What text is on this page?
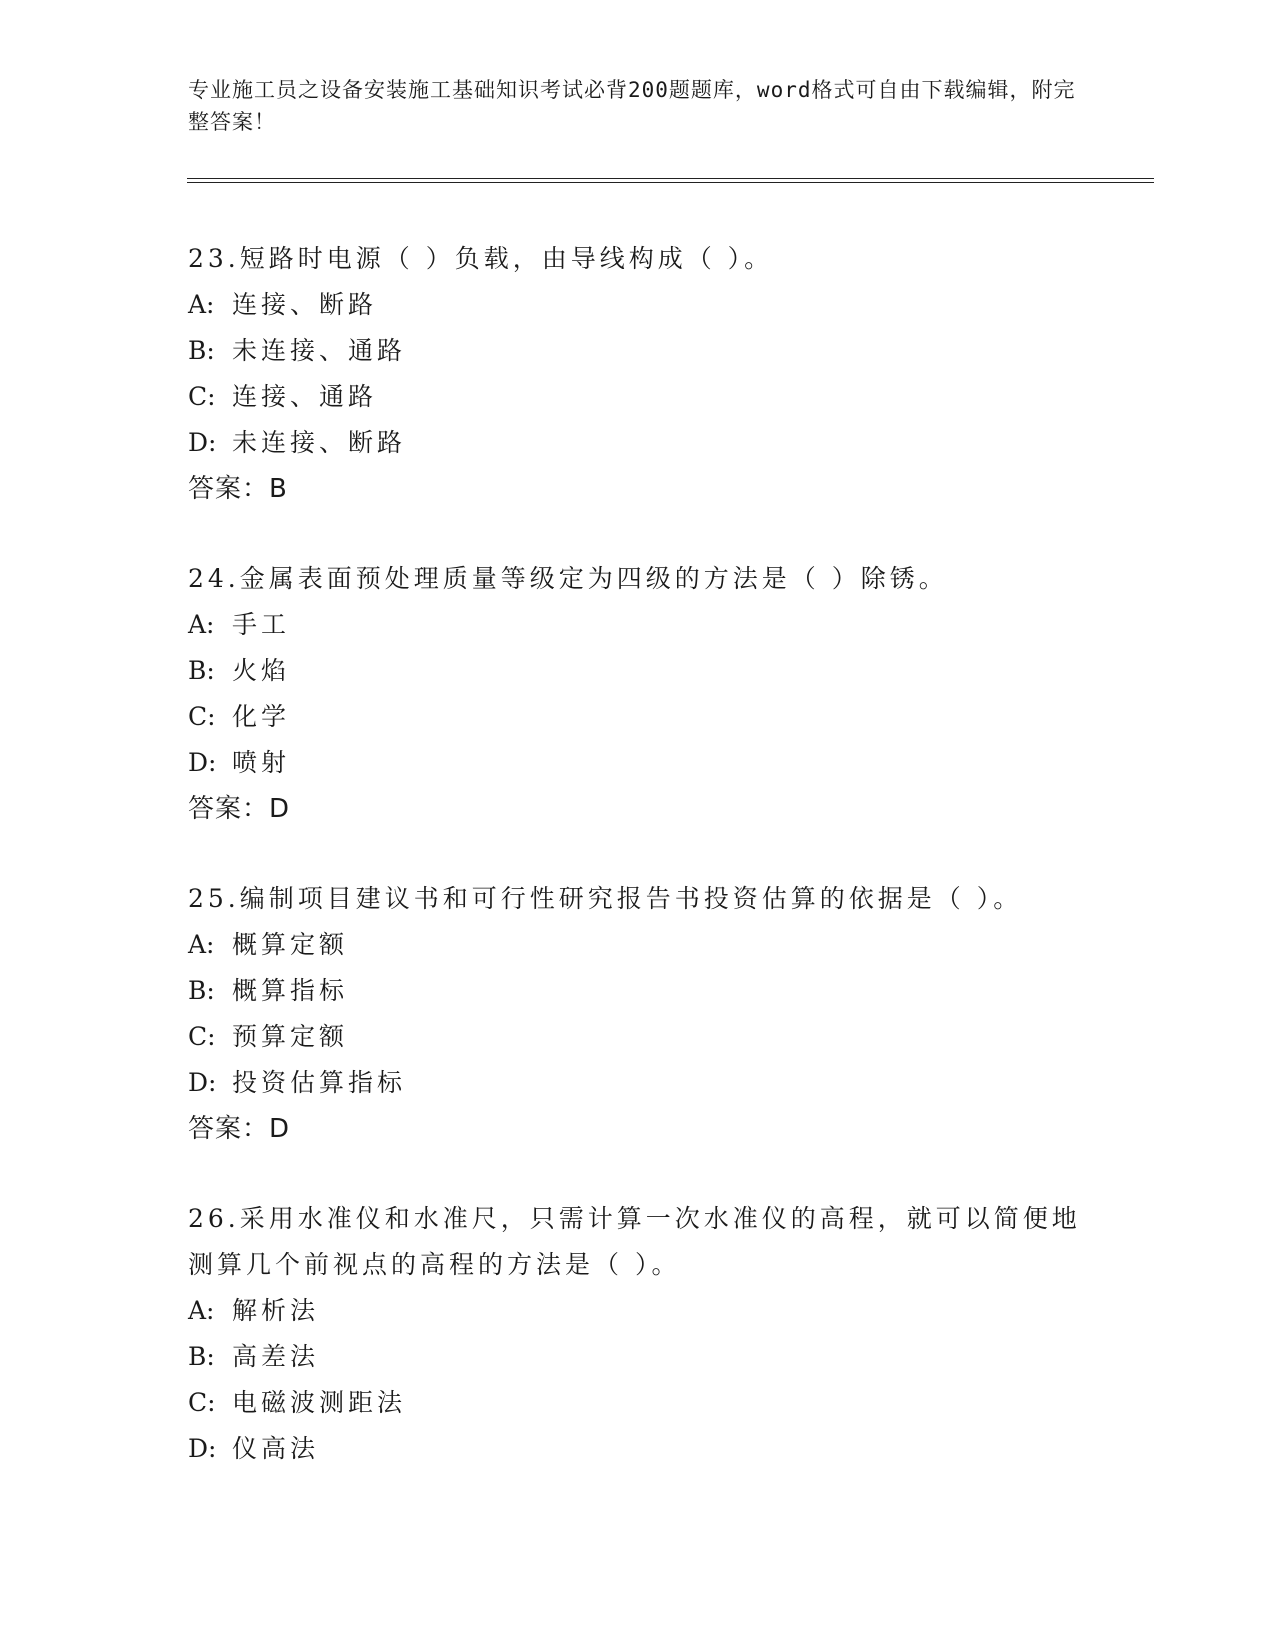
专业施工员之设备安装施工基础知识考试必背200题题库，word格式可自由下载编辑，附完整答案！
23.短路时电源（ ）负载，由导线构成（ ）。
A: 连接、断路
B: 未连接、通路
C: 连接、通路
D: 未连接、断路
答案：B
24.金属表面预处理质量等级定为四级的方法是（ ）除锈。
A: 手工
B: 火焰
C: 化学
D: 喷射
答案：D
25.编制项目建议书和可行性研究报告书投资估算的依据是（ ）。
A: 概算定额
B: 概算指标
C: 预算定额
D: 投资估算指标
答案：D
26.采用水准仪和水准尺，只需计算一次水准仪的高程，就可以简便地测算几个前视点的高程的方法是（ ）。
A: 解析法
B: 高差法
C: 电磁波测距法
D: 仪高法
